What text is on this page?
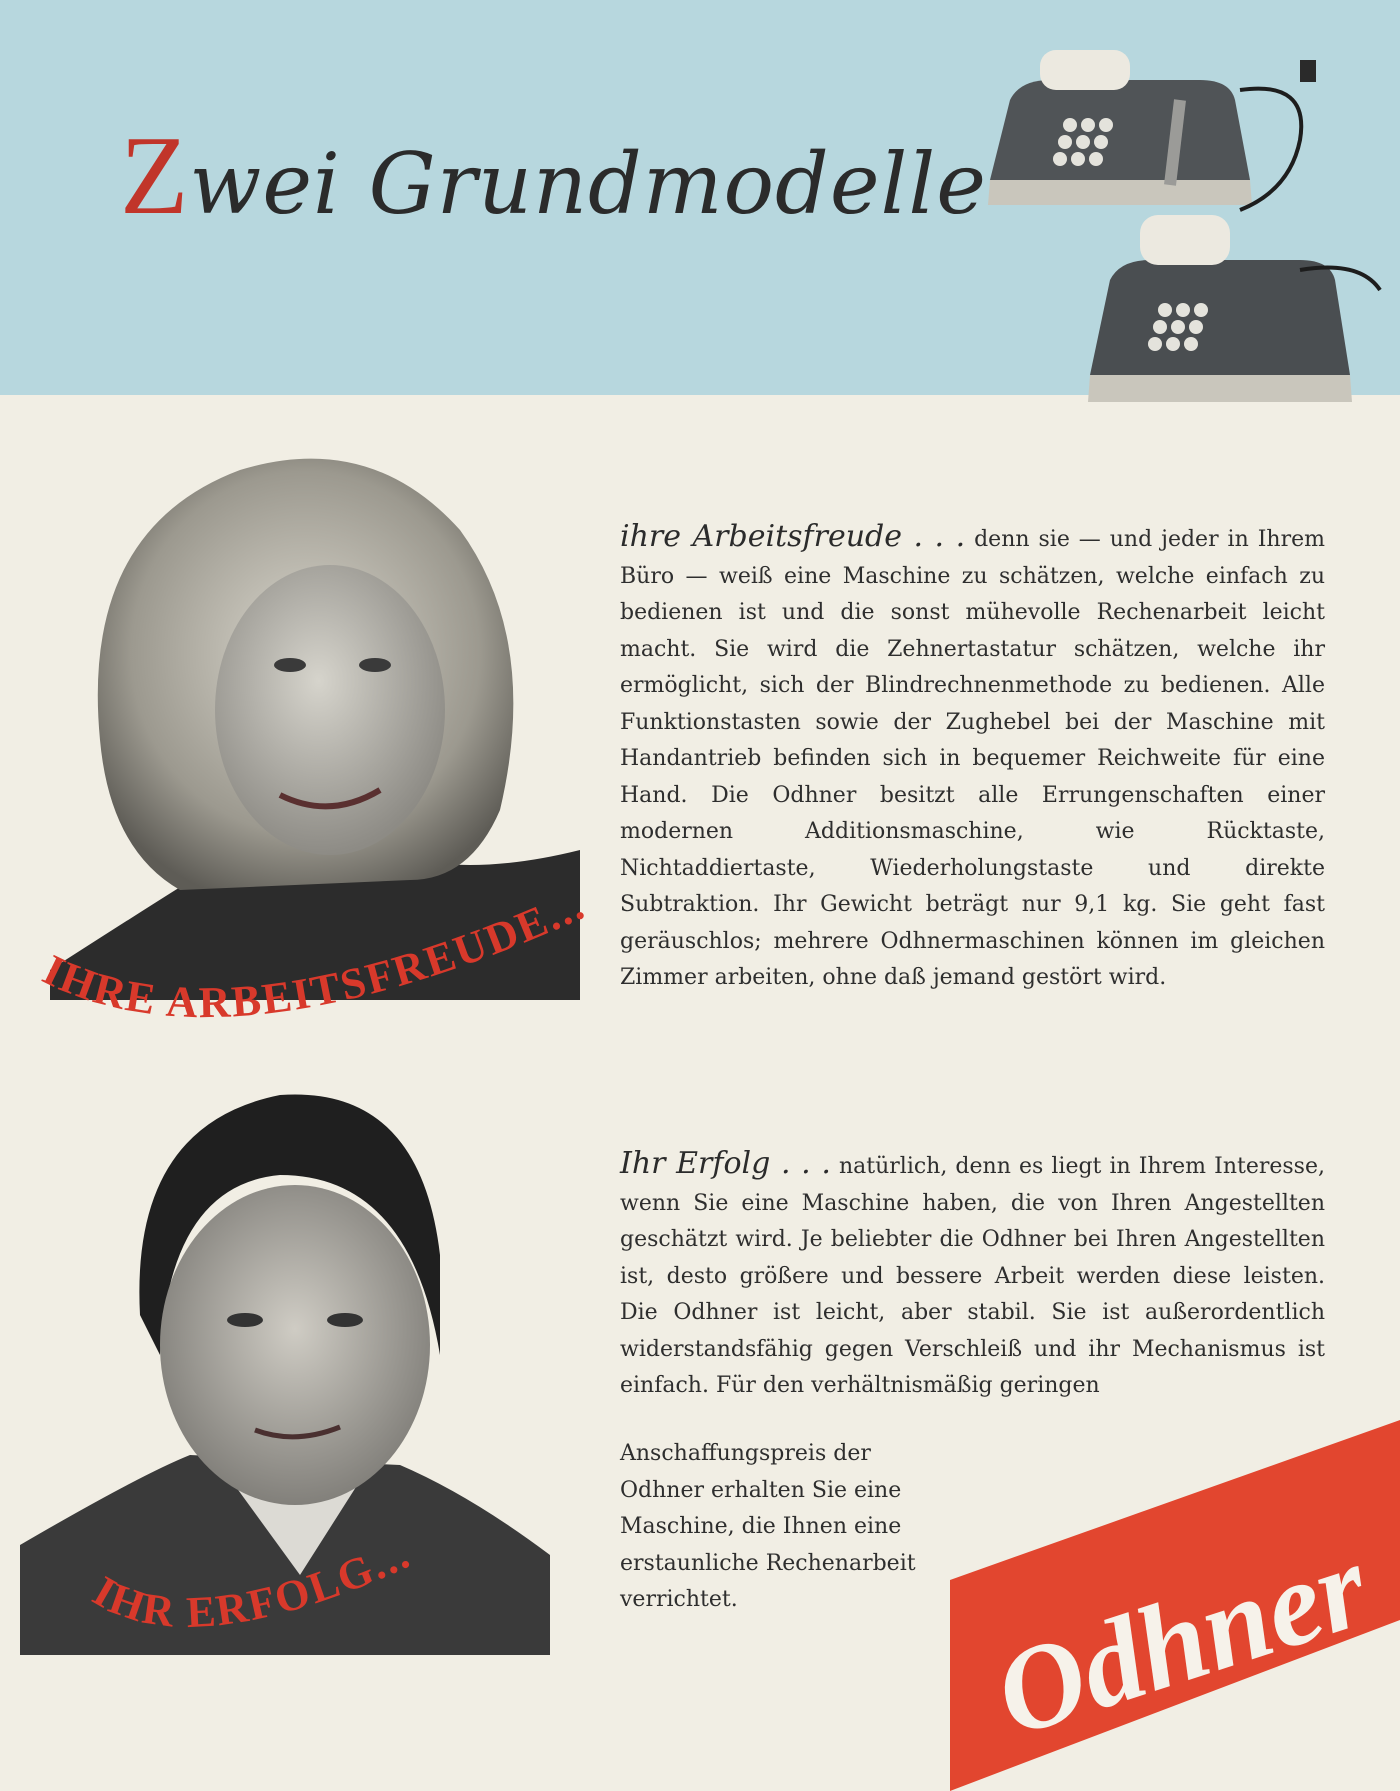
Zwei Grundmodelle
IHRE ARBEITSFREUDE...
IHR ERFOLG...

ihre Arbeitsfreude . . . denn sie — und jeder in Ihrem Büro — weiß eine Maschine zu schätzen, welche einfach zu bedienen ist und die sonst mühevolle Rechenarbeit leicht macht. Sie wird die Zehnertastatur schätzen, welche ihr ermöglicht, sich der Blindrechnenmethode zu bedienen. Alle Funktionstasten sowie der Zughebel bei der Maschine mit Handantrieb befinden sich in bequemer Reichweite für eine Hand. Die Odhner besitzt alle Errungenschaften einer modernen Additionsmaschine, wie Rücktaste, Nichtaddiertaste, Wiederholungstaste und direkte Subtraktion. Ihr Gewicht beträgt nur 9,1 kg. Sie geht fast geräuschlos; mehrere Odhnermaschinen können im gleichen Zimmer arbeiten, ohne daß jemand gestört wird.

Ihr Erfolg . . . natürlich, denn es liegt in Ihrem Interesse, wenn Sie eine Maschine haben, die von Ihren Angestellten geschätzt wird. Je beliebter die Odhner bei Ihren Angestellten ist, desto größere und bessere Arbeit werden diese leisten. Die Odhner ist leicht, aber stabil. Sie ist außerordentlich widerstandsfähig gegen Verschleiß und ihr Mechanismus ist einfach. Für den verhältnismäßig geringen

Anschaffungspreis der Odhner erhalten Sie eine Maschine, die Ihnen eine erstaunliche Rechenarbeit verrichtet.	Odhner
